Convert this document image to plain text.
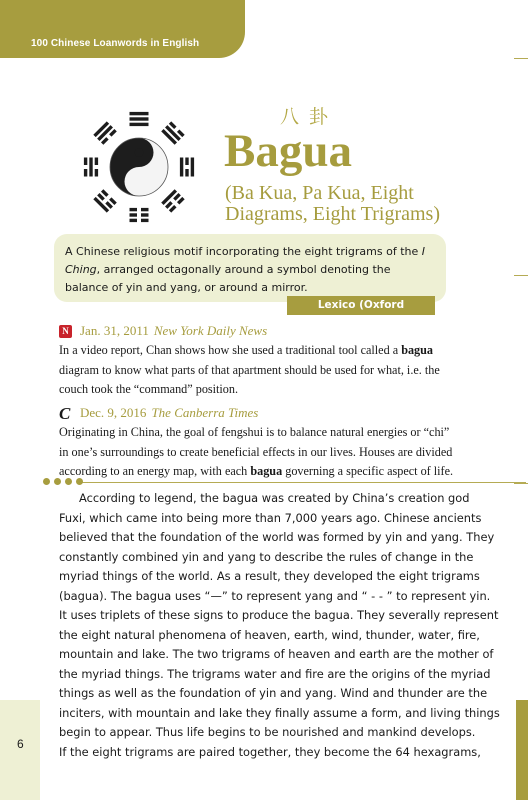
100 Chinese Loanwords in English
八卦
Bagua
(Ba Kua, Pa Kua, Eight Diagrams, Eight Trigrams)

A Chinese religious motif incorporating the eight trigrams of the I Ching, arranged octagonally around a symbol denoting the balance of yin and yang, or around a mirror.

Lexico (Oxford Dictionary)
N Jan. 31, 2011 New York Daily News
In a video report, Chan shows how she used a traditional tool called a bagua
diagram to know what parts of that apartment should be used for what, i.e. the
couch took the “command” position.
C Dec. 9, 2016 The Canberra Times
Originating in China, the goal of fengshui is to balance natural energies or “chi”
in one’s surroundings to create beneficial effects in our lives. Houses are divided
according to an energy map, with each bagua governing a specific aspect of life.
According to legend, the bagua was created by China’s creation god
Fuxi, which came into being more than 7,000 years ago. Chinese ancients
believed that the foundation of the world was formed by yin and yang. They
constantly combined yin and yang to describe the rules of change in the
myriad things of the world. As a result, they developed the eight trigrams
(bagua). The bagua uses “—” to represent yang and “ - - ” to represent yin.
It uses triplets of these signs to produce the bagua. They severally represent
the eight natural phenomena of heaven, earth, wind, thunder, water, fire,
mountain and lake. The two trigrams of heaven and earth are the mother of
the myriad things. The trigrams water and fire are the origins of the myriad
things as well as the foundation of yin and yang. Wind and thunder are the
inciters, with mountain and lake they finally assume a form, and living things
begin to appear. Thus life begins to be nourished and mankind develops.
If the eight trigrams are paired together, they become the 64 hexagrams,
6
